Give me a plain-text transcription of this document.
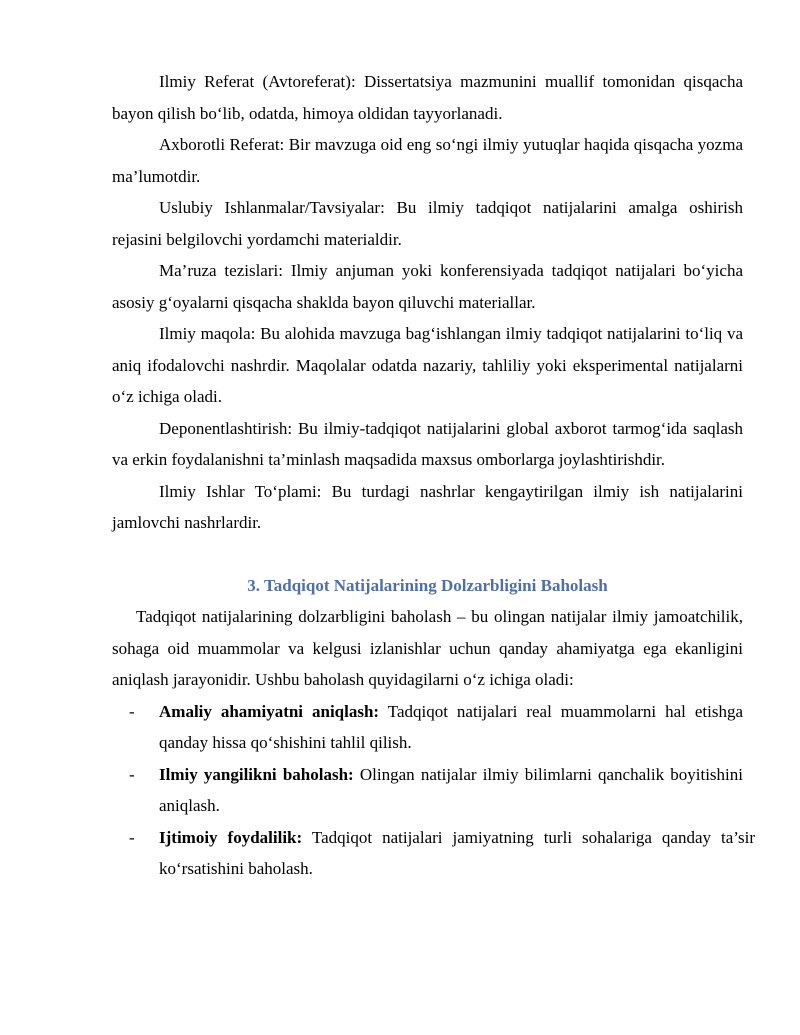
Ilmiy Referat (Avtoreferat): Dissertatsiya mazmunini muallif tomonidan qisqacha bayon qilish bo‘lib, odatda, himoya oldidan tayyorlanadi.

Axborotli Referat: Bir mavzuga oid eng so‘ngi ilmiy yutuqlar haqida qisqacha yozma ma’lumotdir.

Uslubiy Ishlanmalar/Tavsiyalar: Bu ilmiy tadqiqot natijalarini amalga oshirish rejasini belgilovchi yordamchi materialdir.

Ma’ruza tezislari: Ilmiy anjuman yoki konferensiyada tadqiqot natijalari bo‘yicha asosiy g‘oyalarni qisqacha shaklda bayon qiluvchi materiallar.

Ilmiy maqola: Bu alohida mavzuga bag‘ishlangan ilmiy tadqiqot natijalarini to‘liq va aniq ifodalovchi nashrdir. Maqolalar odatda nazariy, tahliliy yoki eksperimental natijalarni o‘z ichiga oladi.

Deponentlashtirish: Bu ilmiy-tadqiqot natijalarini global axborot tarmog‘ida saqlash va erkin foydalanishni ta’minlash maqsadida maxsus omborlarga joylashtirishdir.

Ilmiy Ishlar To‘plami: Bu turdagi nashrlar kengaytirilgan ilmiy ish natijalarini jamlovchi nashrlardir.

3. Tadqiqot Natijalarining Dolzarbligini Baholash

Tadqiqot natijalarining dolzarbligini baholash – bu olingan natijalar ilmiy jamoatchilik, sohaga oid muammolar va kelgusi izlanishlar uchun qanday ahamiyatga ega ekanligini aniqlash jarayonidir. Ushbu baholash quyidagilarni o‘z ichiga oladi:

- Amaliy ahamiyatni aniqlash: Tadqiqot natijalari real muammolarni hal etishga qanday hissa qo‘shishini tahlil qilish.
- Ilmiy yangilikni baholash: Olingan natijalar ilmiy bilimlarni qanchalik boyitishini aniqlash.
- Ijtimoiy foydalilik: Tadqiqot natijalari jamiyatning turli sohalariga qanday ta’sir ko‘rsatishini baholash.
